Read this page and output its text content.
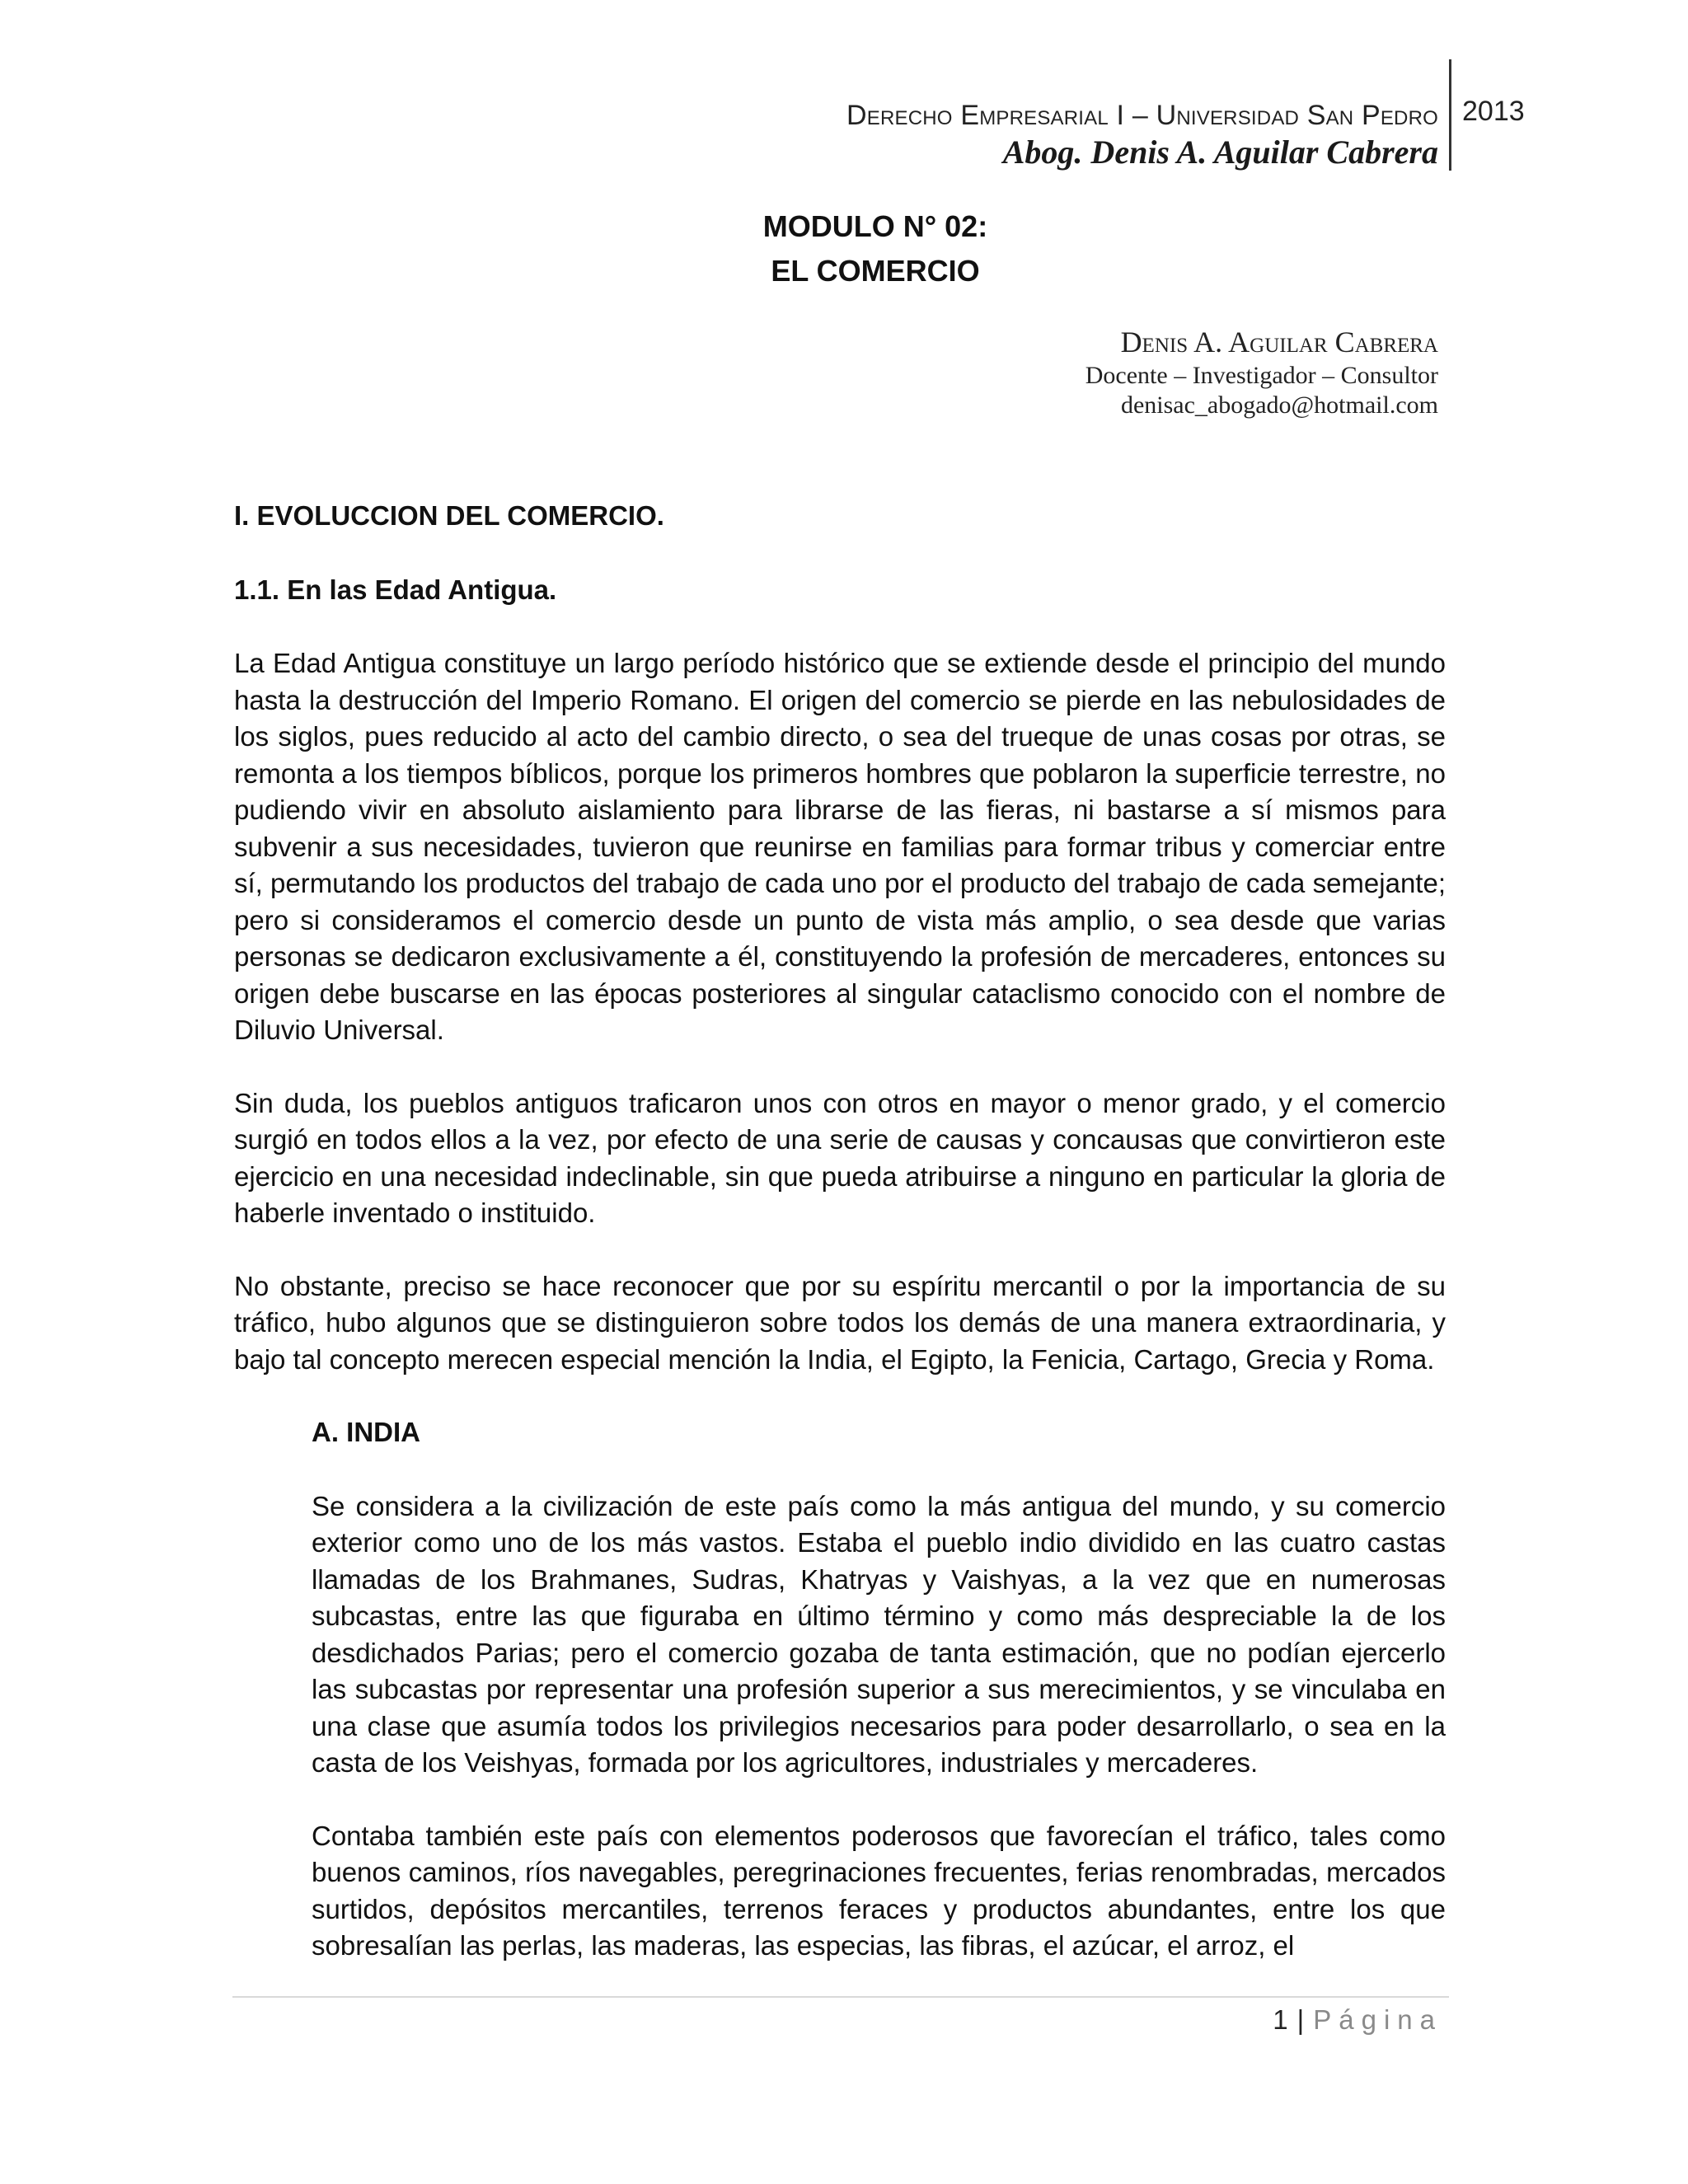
Derecho Empresarial I – Universidad San Pedro
Abog. Denis A. Aguilar Cabrera
2013
MODULO N° 02:
EL COMERCIO
Denis A. Aguilar Cabrera
Docente – Investigador – Consultor
denisac_abogado@hotmail.com

I. EVOLUCCION DEL COMERCIO.

1.1. En las Edad Antigua.

La Edad Antigua constituye un largo período histórico que se extiende desde el principio del mundo hasta la destrucción del Imperio Romano. El origen del comercio se pierde en las nebulosidades de los siglos, pues reducido al acto del cambio directo, o sea del trueque de unas cosas por otras, se remonta a los tiempos bíblicos, porque los primeros hombres que poblaron la superficie terrestre, no pudiendo vivir en absoluto aislamiento para librarse de las fieras, ni bastarse a sí mismos para subvenir a sus necesidades, tuvieron que reunirse en familias para formar tribus y comerciar entre sí, permutando los productos del trabajo de cada uno por el producto del trabajo de cada semejante; pero si consideramos el comercio desde un punto de vista más amplio, o sea desde que varias personas se dedicaron exclusivamente a él, constituyendo la profesión de mercaderes, entonces su origen debe buscarse en las épocas posteriores al singular cataclismo conocido con el nombre de Diluvio Universal.

Sin duda, los pueblos antiguos traficaron unos con otros en mayor o menor grado, y el comercio surgió en todos ellos a la vez, por efecto de una serie de causas y concausas que convirtieron este ejercicio en una necesidad indeclinable, sin que pueda atribuirse a ninguno en particular la gloria de haberle inventado o instituido.

No obstante, preciso se hace reconocer que por su espíritu mercantil o por la importancia de su tráfico, hubo algunos que se distinguieron sobre todos los demás de una manera extraordinaria, y bajo tal concepto merecen especial mención la India, el Egipto, la Fenicia, Cartago, Grecia y Roma.

A. INDIA

Se considera a la civilización de este país como la más antigua del mundo, y su comercio exterior como uno de los más vastos. Estaba el pueblo indio dividido en las cuatro castas llamadas de los Brahmanes, Sudras, Khatryas y Vaishyas, a la vez que en numerosas subcastas, entre las que figuraba en último término y como más despreciable la de los desdichados Parias; pero el comercio gozaba de tanta estimación, que no podían ejercerlo las subcastas por representar una profesión superior a sus merecimientos, y se vinculaba en una clase que asumía todos los privilegios necesarios para poder desarrollarlo, o sea en la casta de los Veishyas, formada por los agricultores, industriales y mercaderes.

Contaba también este país con elementos poderosos que favorecían el tráfico, tales como buenos caminos, ríos navegables, peregrinaciones frecuentes, ferias renombradas, mercados surtidos, depósitos mercantiles, terrenos feraces y productos abundantes, entre los que sobresalían las perlas, las maderas, las especias, las fibras, el azúcar, el arroz, el

1 | Página
